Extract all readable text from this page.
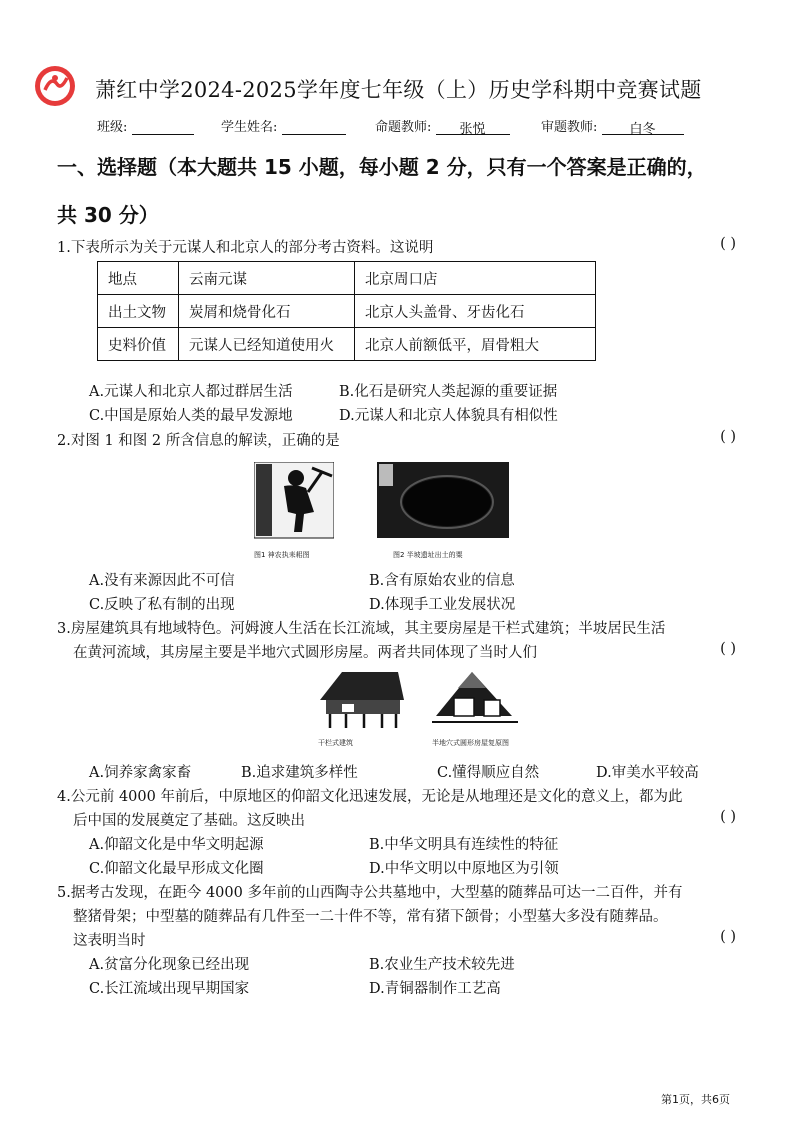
萧红中学2024-2025学年度七年级（上）历史学科期中竞赛试题
班级:	学生姓名:	命题教师: 张悦	审题教师: 白冬
一、选择题（本大题共 15 小题，每小题 2 分，只有一个答案是正确的，
共 30 分）
1.下表所示为关于元谋人和北京人的部分考古资料。这说明	( )
地点	云南元谋	北京周口店
出土文物	炭屑和烧骨化石	北京人头盖骨、牙齿化石
史料价值	元谋人已经知道使用火	北京人前额低平，眉骨粗大
A.元谋人和北京人都过群居生活	B.化石是研究人类起源的重要证据
C.中国是原始人类的最早发源地	D.元谋人和北京人体貌具有相似性
2.对图 1 和图 2 所含信息的解读，正确的是	( )
图1 神农执耒耜图	图2 半坡遗址出土的粟
A.没有来源因此不可信	B.含有原始农业的信息
C.反映了私有制的出现	D.体现手工业发展状况
3.房屋建筑具有地域特色。河姆渡人生活在长江流域，其主要房屋是干栏式建筑；半坡居民生活
在黄河流域，其房屋主要是半地穴式圆形房屋。两者共同体现了当时人们	( )
干栏式建筑	半地穴式圆形房屋复原图
A.饲养家禽家畜	B.追求建筑多样性	C.懂得顺应自然	D.审美水平较高
4.公元前 4000 年前后，中原地区的仰韶文化迅速发展，无论是从地理还是文化的意义上，都为此
后中国的发展奠定了基础。这反映出	( )
A.仰韶文化是中华文明起源	B.中华文明具有连续性的特征
C.仰韶文化最早形成文化圈	D.中华文明以中原地区为引领
5.据考古发现，在距今 4000 多年前的山西陶寺公共墓地中，大型墓的随葬品可达一二百件，并有
整猪骨架；中型墓的随葬品有几件至一二十件不等，常有猪下颌骨；小型墓大多没有随葬品。
这表明当时	( )
A.贫富分化现象已经出现	B.农业生产技术较先进
C.长江流域出现早期国家	D.青铜器制作工艺高
第1页，共6页
